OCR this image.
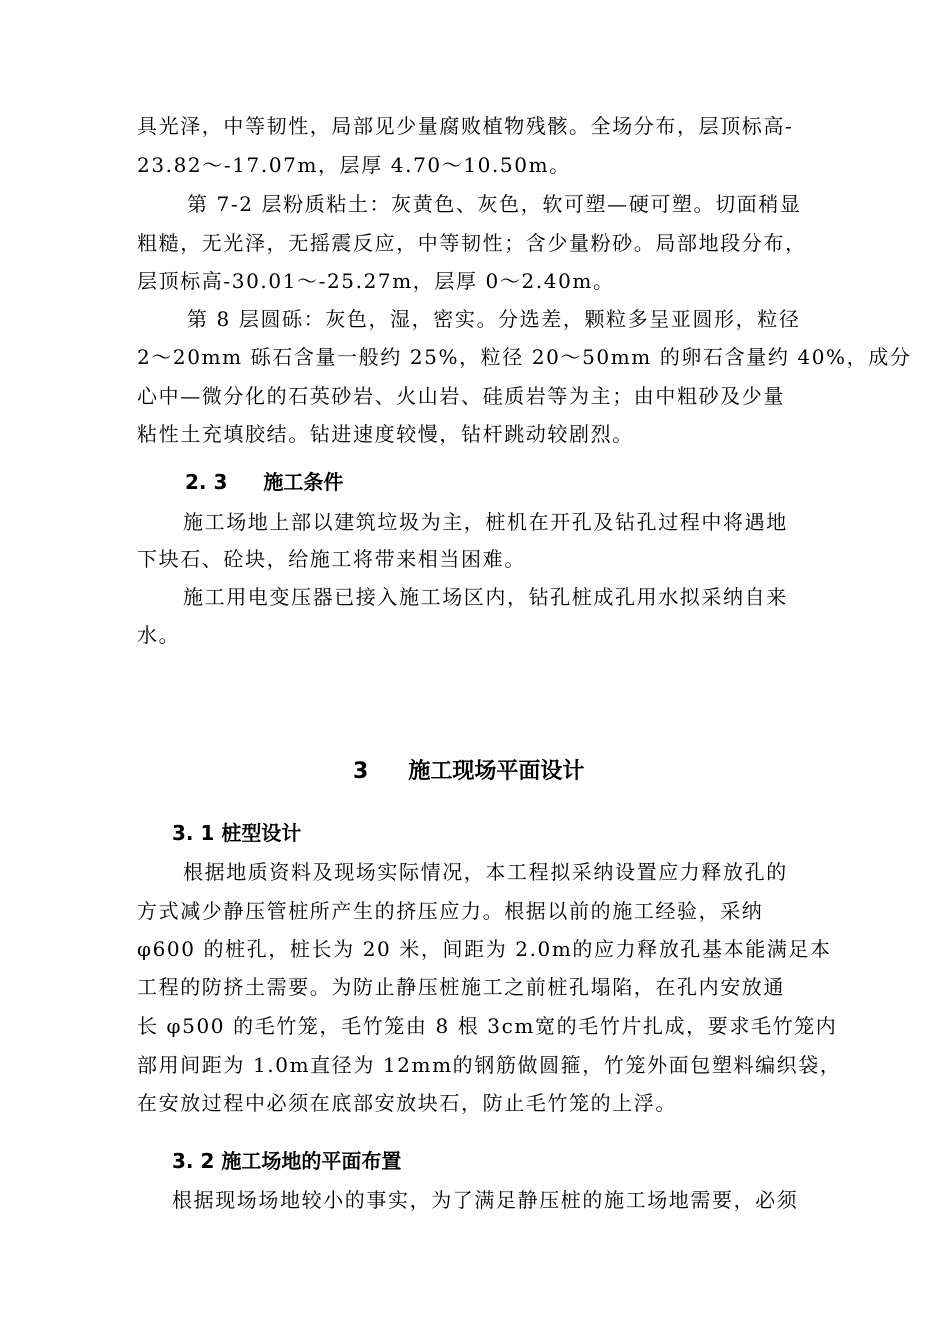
具光泽，中等韧性，局部见少量腐败植物残骸。全场分布，层顶标高-
23.82～-17.07m，层厚 4.70～10.50m。
第 7-2 层粉质粘土：灰黄色、灰色，软可塑—硬可塑。切面稍显
粗糙，无光泽，无摇震反应，中等韧性；含少量粉砂。局部地段分布，
层顶标高-30.01～-25.27m，层厚 0～2.40m。
第 8 层圆砾：灰色，湿，密实。分选差，颗粒多呈亚圆形，粒径
2～20mm 砾石含量一般约 25%，粒径 20～50mm 的卵石含量约 40%，成分
心中—微分化的石英砂岩、火山岩、硅质岩等为主；由中粗砂及少量
粘性土充填胶结。钻进速度较慢，钻杆跳动较剧烈。
2. 3 施工条件
施工场地上部以建筑垃圾为主，桩机在开孔及钻孔过程中将遇地
下块石、砼块，给施工将带来相当困难。
施工用电变压器已接入施工场区内，钻孔桩成孔用水拟采纳自来
水。
3 施工现场平面设计
3. 1 桩型设计
根据地质资料及现场实际情况，本工程拟采纳设置应力释放孔的
方式减少静压管桩所产生的挤压应力。根据以前的施工经验，采纳
φ600 的桩孔，桩长为 20 米，间距为 2.0m的应力释放孔基本能满足本
工程的防挤土需要。为防止静压桩施工之前桩孔塌陷，在孔内安放通
长 φ500 的毛竹笼，毛竹笼由 8 根 3cm宽的毛竹片扎成，要求毛竹笼内
部用间距为 1.0m直径为 12mm的钢筋做圆箍，竹笼外面包塑料编织袋，
在安放过程中必须在底部安放块石，防止毛竹笼的上浮。
3. 2 施工场地的平面布置
根据现场场地较小的事实，为了满足静压桩的施工场地需要，必须
